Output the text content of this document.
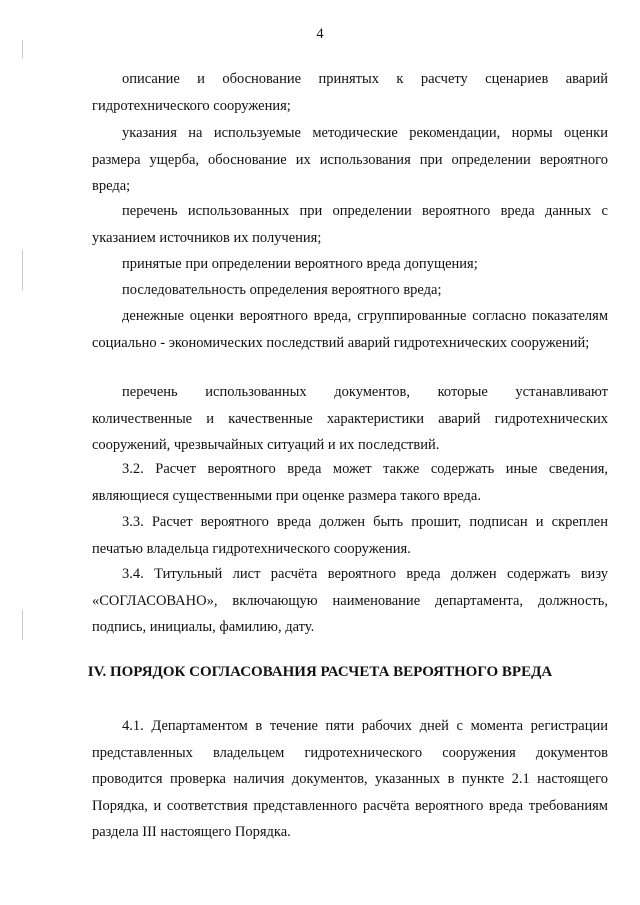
4

описание и обоснование принятых к расчету сценариев аварий гидротехнического сооружения;

указания на используемые методические рекомендации, нормы оценки размера ущерба, обоснование их использования при определении вероятного вреда;

перечень использованных при определении вероятного вреда данных с указанием источников их получения;

принятые при определении вероятного вреда допущения;

последовательность определения вероятного вреда;

денежные оценки вероятного вреда, сгруппированные согласно показателям социально - экономических последствий аварий гидротехнических сооружений;

перечень использованных документов, которые устанавливают количественные и качественные характеристики аварий гидротехнических сооружений, чрезвычайных ситуаций и их последствий.

3.2. Расчет вероятного вреда может также содержать иные сведения, являющиеся существенными при оценке размера такого вреда.

3.3. Расчет вероятного вреда должен быть прошит, подписан и скреплен печатью владельца гидротехнического сооружения.

3.4. Титульный лист расчёта вероятного вреда должен содержать визу «СОГЛАСОВАНО», включающую наименование департамента, должность, подпись, инициалы, фамилию, дату.

IV. ПОРЯДОК СОГЛАСОВАНИЯ РАСЧЕТА ВЕРОЯТНОГО ВРЕДА

4.1. Департаментом в течение пяти рабочих дней с момента регистрации представленных владельцем гидротехнического сооружения документов проводится проверка наличия документов, указанных в пункте 2.1 настоящего Порядка, и соответствия представленного расчёта вероятного вреда требованиям раздела III настоящего Порядка.
